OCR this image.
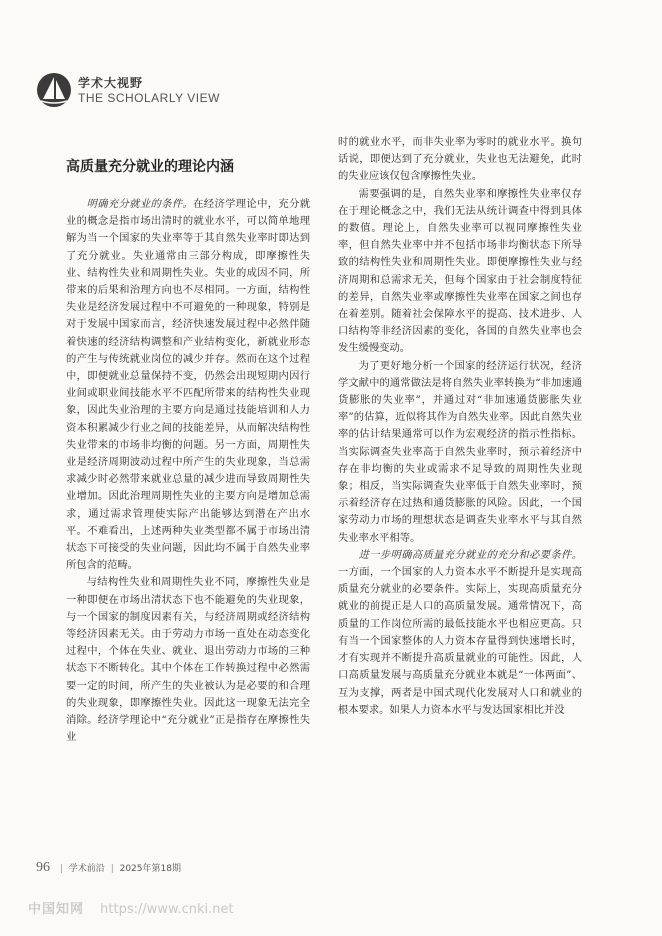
学术大视野
THE SCHOLARLY VIEW
高质量充分就业的理论内涵

明确充分就业的条件。在经济学理论中，充分就业的概念是指市场出清时的就业水平，可以简单地理解为当一个国家的失业率等于其自然失业率时即达到了充分就业。失业通常由三部分构成，即摩擦性失业、结构性失业和周期性失业。失业的成因不同，所带来的后果和治理方向也不尽相同。一方面，结构性失业是经济发展过程中不可避免的一种现象，特别是对于发展中国家而言，经济快速发展过程中必然伴随着快速的经济结构调整和产业结构变化，新就业形态的产生与传统就业岗位的减少并存。然而在这个过程中，即便就业总量保持不变，仍然会出现短期内因行业间或职业间技能水平不匹配所带来的结构性失业现象，因此失业治理的主要方向是通过技能培训和人力资本积累减少行业之间的技能差异，从而解决结构性失业带来的市场非均衡的问题。另一方面，周期性失业是经济周期波动过程中所产生的失业现象，当总需求减少时必然带来就业总量的减少进而导致周期性失业增加。因此治理周期性失业的主要方向是增加总需求，通过需求管理使实际产出能够达到潜在产出水平。不难看出，上述两种失业类型都不属于市场出清状态下可接受的失业问题，因此均不属于自然失业率所包含的范畴。

与结构性失业和周期性失业不同，摩擦性失业是一种即便在市场出清状态下也不能避免的失业现象，与一个国家的制度因素有关，与经济周期或经济结构等经济因素无关。由于劳动力市场一直处在动态变化过程中，个体在失业、就业、退出劳动力市场的三种状态下不断转化。其中个体在工作转换过程中必然需要一定的时间，所产生的失业被认为是必要的和合理的失业现象，即摩擦性失业。因此这一现象无法完全消除。经济学理论中“充分就业”正是指存在摩擦性失业

时的就业水平，而非失业率为零时的就业水平。换句话说，即便达到了充分就业，失业也无法避免，此时的失业应该仅包含摩擦性失业。

需要强调的是，自然失业率和摩擦性失业率仅存在于理论概念之中，我们无法从统计调查中得到具体的数值。理论上，自然失业率可以视同摩擦性失业率，但自然失业率中并不包括市场非均衡状态下所导致的结构性失业和周期性失业。即便摩擦性失业与经济周期和总需求无关，但每个国家由于社会制度特征的差异，自然失业率或摩擦性失业率在国家之间也存在着差别。随着社会保障水平的提高、技术进步、人口结构等非经济因素的变化，各国的自然失业率也会发生缓慢变动。

为了更好地分析一个国家的经济运行状况，经济学文献中的通常做法是将自然失业率转换为“非加速通货膨胀的失业率”，并通过对“非加速通货膨胀失业率”的估算，近似将其作为自然失业率。因此自然失业率的估计结果通常可以作为宏观经济的指示性指标。当实际调查失业率高于自然失业率时，预示着经济中存在非均衡的失业或需求不足导致的周期性失业现象；相反，当实际调查失业率低于自然失业率时，预示着经济存在过热和通货膨胀的风险。因此，一个国家劳动力市场的理想状态是调查失业率水平与其自然失业率水平相等。

进一步明确高质量充分就业的充分和必要条件。一方面，一个国家的人力资本水平不断提升是实现高质量充分就业的必要条件。实际上，实现高质量充分就业的前提正是人口的高质量发展。通常情况下，高质量的工作岗位所需的最低技能水平也相应更高。只有当一个国家整体的人力资本存量得到快速增长时，才有实现并不断提升高质量就业的可能性。因此，人口高质量发展与高质量充分就业本就是“一体两面”、互为支撑，两者是中国式现代化发展对人口和就业的根本要求。如果人力资本水平与发达国家相比并没

96 | 学术前沿 | 2025年第18期
中国知网 https://www.cnki.net
